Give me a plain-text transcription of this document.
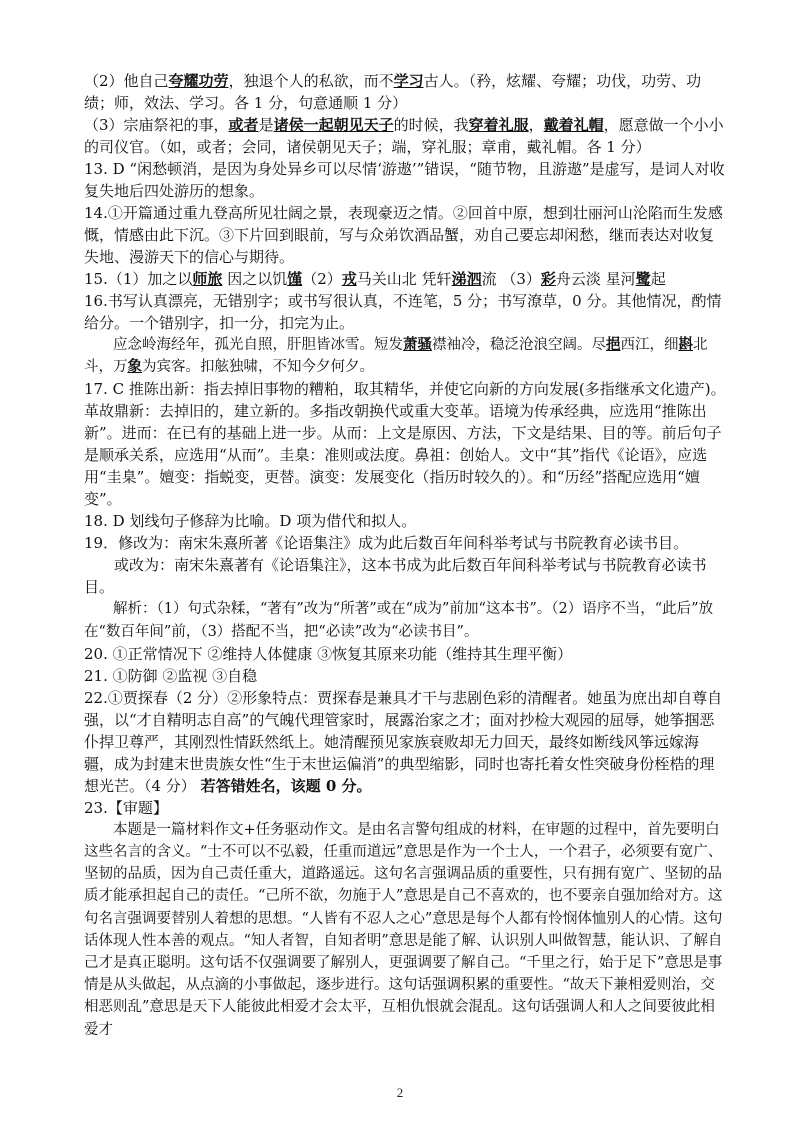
（2）他自己夸耀功劳，独退个人的私欲，而不学习古人。（矜，炫耀、夸耀；功伐，功劳、功绩；师，效法、学习。各 1 分，句意通顺 1 分）

（3）宗庙祭祀的事，或者是诸侯一起朝见天子的时候，我穿着礼服，戴着礼帽，愿意做一个小小的司仪官。（如，或者；会同，诸侯朝见天子；端，穿礼服；章甫，戴礼帽。各 1 分）

13. D “闲愁顿消，是因为身处异乡可以尽情‘游遨’”错误，“随节物，且游遨”是虚写，是词人对收复失地后四处游历的想象。

14.①开篇通过重九登高所见壮阔之景，表现豪迈之情。②回首中原，想到壮丽河山沦陷而生发感慨，情感由此下沉。③下片回到眼前，写与众弟饮酒品蟹，劝自己要忘却闲愁，继而表达对收复失地、漫游天下的信心与期待。

15.（1）加之以师旅 因之以饥馑（2）戎马关山北 凭轩涕泗流 （3）彩舟云淡 星河鹭起

16.书写认真漂亮，无错别字；或书写很认真，不连笔，5 分；书写潦草，0 分。其他情况，酌情给分。一个错别字，扣一分，扣完为止。

应念岭海经年，孤光自照，肝胆皆冰雪。短发萧骚襟袖冷，稳泛沧浪空阔。尽挹西江，细斟北斗，万象为宾客。扣舷独啸，不知今夕何夕。

17. C 推陈出新：指去掉旧事物的糟粕，取其精华，并使它向新的方向发展(多指继承文化遗产)。革故鼎新：去掉旧的，建立新的。多指改朝换代或重大变革。语境为传承经典，应选用“推陈出新”。进而：在已有的基础上进一步。从而：上文是原因、方法，下文是结果、目的等。前后句子是顺承关系，应选用“从而”。圭臬：准则或法度。鼻祖：创始人。文中“其”指代《论语》，应选用“圭臬”。嬗变：指蜕变，更替。演变：发展变化（指历时较久的）。和“历经”搭配应选用“嬗变”。

18. D 划线句子修辞为比喻。D 项为借代和拟人。

19．修改为：南宋朱熹所著《论语集注》成为此后数百年间科举考试与书院教育必读书目。

或改为：南宋朱熹著有《论语集注》，这本书成为此后数百年间科举考试与书院教育必读书目。

解析：（1）句式杂糅，“著有”改为“所著”或在“成为”前加“这本书”。（2）语序不当，“此后”放在“数百年间”前，（3）搭配不当，把“必读”改为“必读书目”。

20. ①正常情况下 ②维持人体健康 ③恢复其原来功能（维持其生理平衡）

21. ①防御 ②监视 ③自稳

22.①贾探春（2 分）②形象特点：贾探春是兼具才干与悲剧色彩的清醒者。她虽为庶出却自尊自强，以“才自精明志自高”的气魄代理管家时，展露治家之才；面对抄检大观园的屈辱，她筝掴恶仆捍卫尊严，其刚烈性情跃然纸上。她清醒预见家族衰败却无力回天，最终如断线风筝远嫁海疆，成为封建末世贵族女性“生于末世运偏消”的典型缩影，同时也寄托着女性突破身份桎梏的理想光芒。（4 分） 若答错姓名，该题 0 分。

23.【审题】

本题是一篇材料作文+任务驱动作文。是由名言警句组成的材料，在审题的过程中，首先要明白这些名言的含义。“士不可以不弘毅，任重而道远”意思是作为一个士人，一个君子，必须要有宽广、坚韧的品质，因为自己责任重大，道路遥远。这句名言强调品质的重要性，只有拥有宽广、坚韧的品质才能承担起自己的责任。“己所不欲，勿施于人”意思是自己不喜欢的，也不要亲自强加给对方。这句名言强调要替别人着想的思想。“人皆有不忍人之心”意思是每个人都有怜悯体恤别人的心情。这句话体现人性本善的观点。“知人者智，自知者明”意思是能了解、认识别人叫做智慧，能认识、了解自己才是真正聪明。这句话不仅强调要了解别人，更强调要了解自己。“千里之行，始于足下”意思是事情是从头做起，从点滴的小事做起，逐步进行。这句话强调积累的重要性。“故天下兼相爱则治，交相恶则乱”意思是天下人能彼此相爱才会太平，互相仇恨就会混乱。这句话强调人和人之间要彼此相爱才

2
